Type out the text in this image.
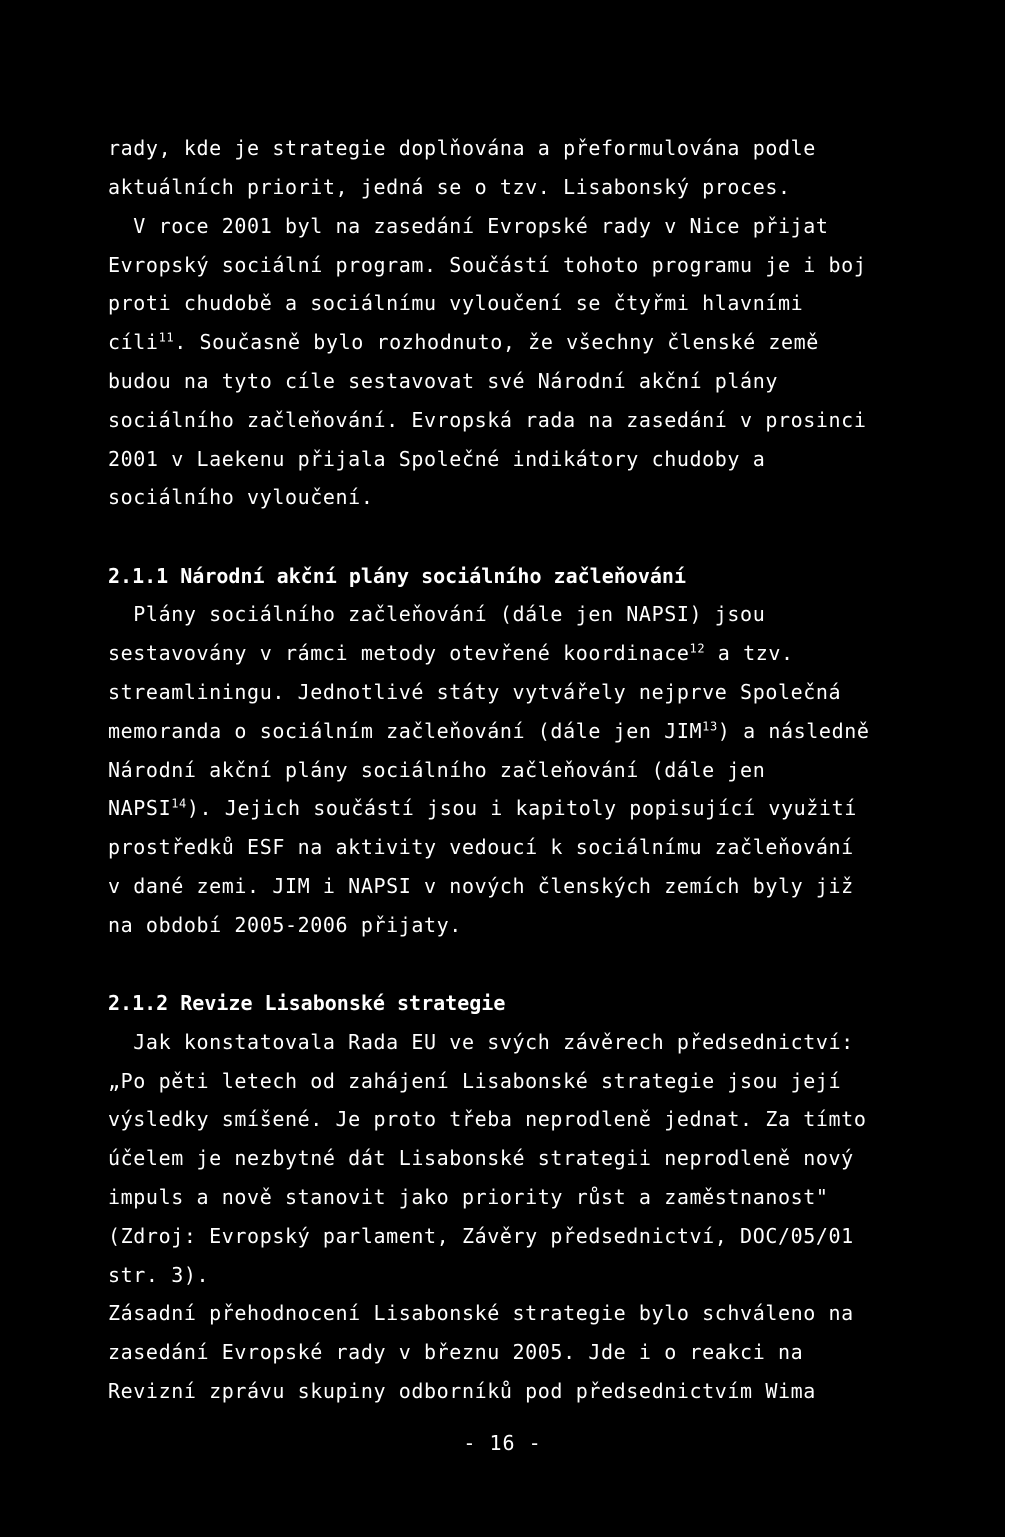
rady, kde je strategie doplňována a přeformulována podle
aktuálních priorit, jedná se o tzv. Lisabonský proces.
V roce 2001 byl na zasedání Evropské rady v Nice přijat
Evropský sociální program. Součástí tohoto programu je i boj
proti chudobě a sociálnímu vyloučení se čtyřmi hlavními
cíli$^{11}$. Současně bylo rozhodnuto, že všechny členské země
budou na tyto cíle sestavovat své Národní akční plány
sociálního začleňování. Evropská rada na zasedání v prosinci
2001 v Laekenu přijala Společné indikátory chudoby a
sociálního vyloučení.
2.1.1 Národní akční plány sociálního začleňování
Plány sociálního začleňování (dále jen NAPSI) jsou
sestavovány v rámci metody otevřené koordinace$^{12}$ a tzv.
streamliningu. Jednotlivé státy vytvářely nejprve Společná
memoranda o sociálním začleňování (dále jen JIM$^{13}$) a následně
Národní akční plány sociálního začleňování (dále jen
NAPSI$^{14}$). Jejich součástí jsou i kapitoly popisující využití
prostředků ESF na aktivity vedoucí k sociálnímu začleňování
v dané zemi. JIM i NAPSI v nových členských zemích byly již
na období 2005-2006 přijaty.
2.1.2 Revize Lisabonské strategie
Jak konstatovala Rada EU ve svých závěrech předsednictví:
„Po pěti letech od zahájení Lisabonské strategie jsou její
výsledky smíšené. Je proto třeba neprodleně jednat. Za tímto
účelem je nezbytné dát Lisabonské strategii neprodleně nový
impuls a nově stanovit jako priority růst a zaměstnanost"
(Zdroj: Evropský parlament, Závěry předsednictví, DOC/05/01
str. 3).
Zásadní přehodnocení Lisabonské strategie bylo schváleno na
zasedání Evropské rady v březnu 2005. Jde i o reakci na
Revizní zprávu skupiny odborníků pod předsednictvím Wima
- 16 -
